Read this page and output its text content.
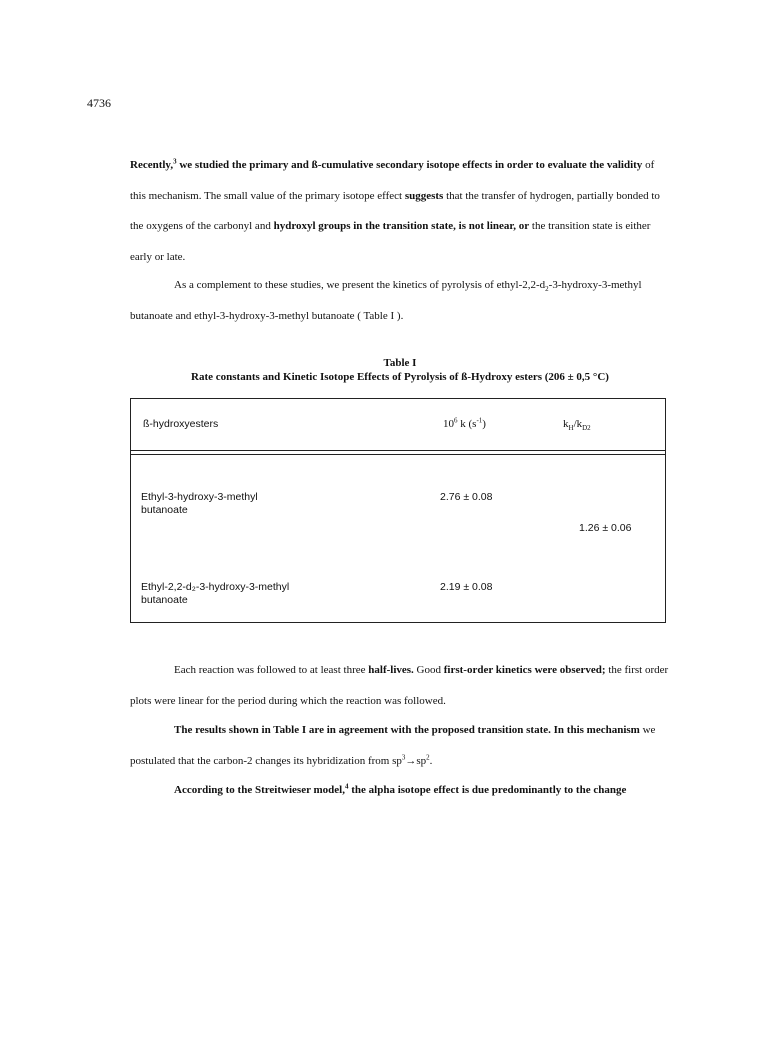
4736

Recently,$^3$ we studied the primary and ß-cumulative secondary isotope effects in order to evaluate the validity of this mechanism. The small value of the primary isotope effect suggests that the transfer of hydrogen, partially bonded to the oxygens of the carbonyl and hydroxyl groups in the transition state, is not linear, or the transition state is either early or late.

As a complement to these studies, we present the kinetics of pyrolysis of ethyl-$2,2-d_2-3-hydroxy-3$-methyl butanoate and ethyl-3-hydroxy-3-methyl butanoate ( Table I ).

Table I
Rate constants and Kinetic Isotope Effects of Pyrolysis of ß-Hydroxy esters (206 ± 0,5 °C)
ß-hydroxyesters	$10^6$ k $(s^{-1})$	$k_H/k_{D2}$
Ethyl-3-hydroxy-3-methyl
butanoate
2.76 ± 0.08
1.26 ± 0.06
Ethyl-2,2-d₂-3-hydroxy-3-methyl
butanoate
2.19 ± 0.08

Each reaction was followed to at least three half-lives. Good first-order kinetics were observed; the first order plots were linear for the period during which the reaction was followed.

The results shown in Table I are in agreement with the proposed transition state. In this mechanism we postulated that the carbon-2 changes its hybridization from $sp^3\to sp^2$.

According to the Streitwieser model,$^4$ the alpha isotope effect is due predominantly to the change
